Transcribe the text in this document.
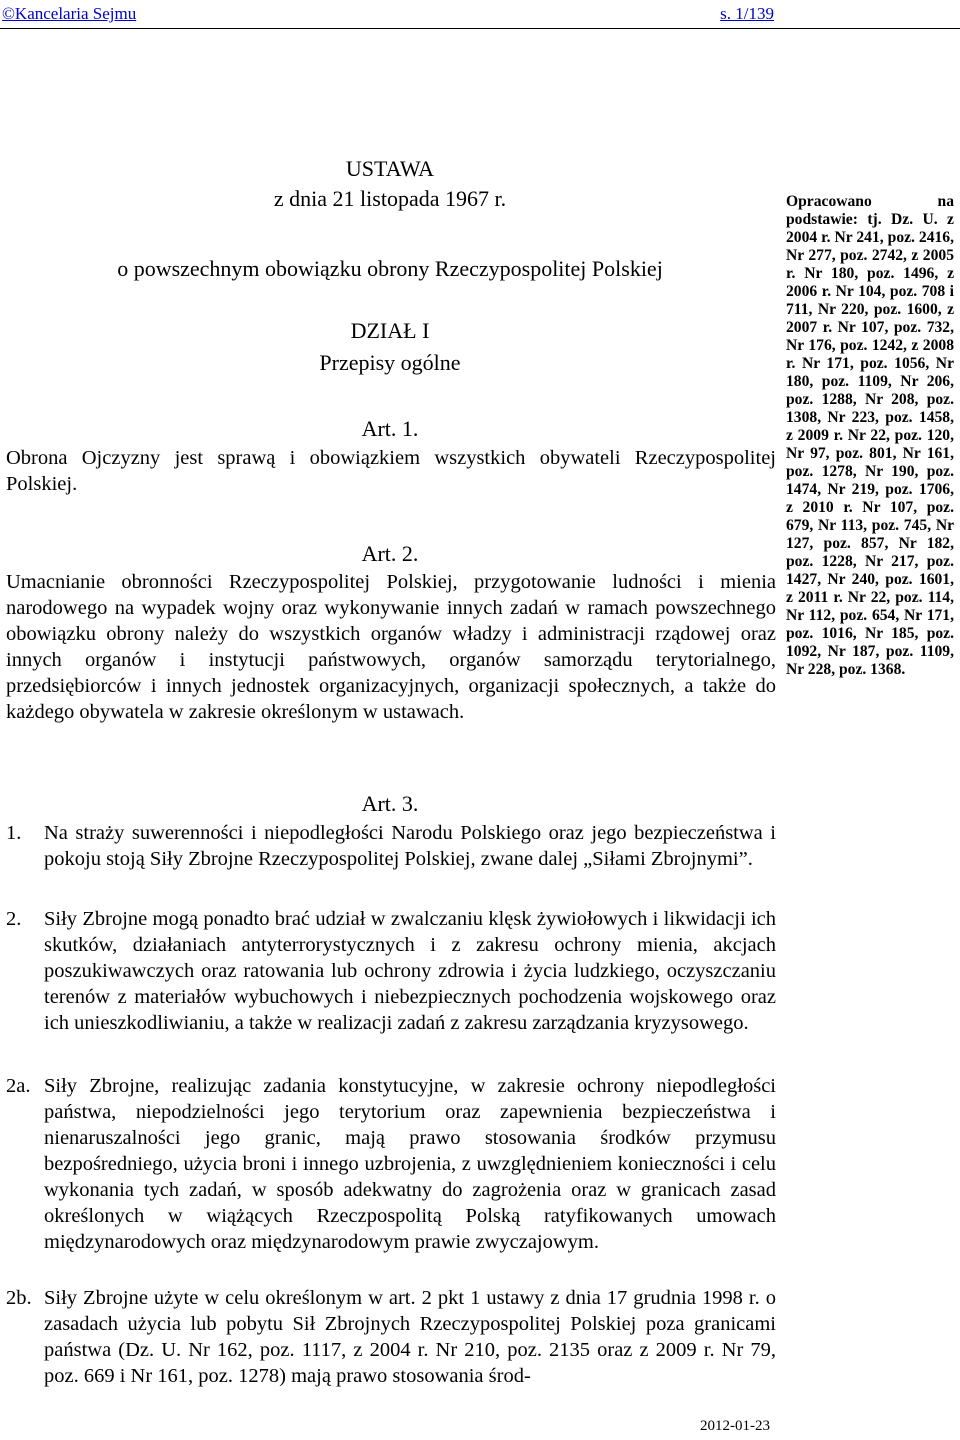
©Kancelaria Sejmu	s. 1/139
USTAWA
z dnia 21 listopada 1967 r.
o powszechnym obowiązku obrony Rzeczypospolitej Polskiej
DZIAŁ I
Przepisy ogólne
Art. 1.
Obrona Ojczyzny jest sprawą i obowiązkiem wszystkich obywateli Rzeczypospolitej Polskiej.
Art. 2.
Umacnianie obronności Rzeczypospolitej Polskiej, przygotowanie ludności i mienia narodowego na wypadek wojny oraz wykonywanie innych zadań w ramach powszechnego obowiązku obrony należy do wszystkich organów władzy i administracji rządowej oraz innych organów i instytucji państwowych, organów samorządu terytorialnego, przedsiębiorców i innych jednostek organizacyjnych, organizacji społecznych, a także do każdego obywatela w zakresie określonym w ustawach.
Art. 3.
1. Na straży suwerenności i niepodległości Narodu Polskiego oraz jego bezpieczeństwa i pokoju stoją Siły Zbrojne Rzeczypospolitej Polskiej, zwane dalej „Siłami Zbrojnymi”.
2. Siły Zbrojne mogą ponadto brać udział w zwalczaniu klęsk żywiołowych i likwidacji ich skutków, działaniach antyterrorystycznych i z zakresu ochrony mienia, akcjach poszukiwawczych oraz ratowania lub ochrony zdrowia i życia ludzkiego, oczyszczaniu terenów z materiałów wybuchowych i niebezpiecznych pochodzenia wojskowego oraz ich unieszkodliwianiu, a także w realizacji zadań z zakresu zarządzania kryzysowego.
2a. Siły Zbrojne, realizując zadania konstytucyjne, w zakresie ochrony niepodległości państwa, niepodzielności jego terytorium oraz zapewnienia bezpieczeństwa i nienaruszalności jego granic, mają prawo stosowania środków przymusu bezpośredniego, użycia broni i innego uzbrojenia, z uwzględnieniem konieczności i celu wykonania tych zadań, w sposób adekwatny do zagrożenia oraz w granicach zasad określonych w wiążących Rzeczpospolitą Polską ratyfikowanych umowach międzynarodowych oraz międzynarodowym prawie zwyczajowym.
2b. Siły Zbrojne użyte w celu określonym w art. 2 pkt 1 ustawy z dnia 17 grudnia 1998 r. o zasadach użycia lub pobytu Sił Zbrojnych Rzeczypospolitej Polskiej poza granicami państwa (Dz. U. Nr 162, poz. 1117, z 2004 r. Nr 210, poz. 2135 oraz z 2009 r. Nr 79, poz. 669 i Nr 161, poz. 1278) mają prawo stosowania środ-
Opracowano na podstawie: tj. Dz. U. z 2004 r. Nr 241, poz. 2416, Nr 277, poz. 2742, z 2005 r. Nr 180, poz. 1496, z 2006 r. Nr 104, poz. 708 i 711, Nr 220, poz. 1600, z 2007 r. Nr 107, poz. 732, Nr 176, poz. 1242, z 2008 r. Nr 171, poz. 1056, Nr 180, poz. 1109, Nr 206, poz. 1288, Nr 208, poz. 1308, Nr 223, poz. 1458, z 2009 r. Nr 22, poz. 120, Nr 97, poz. 801, Nr 161, poz. 1278, Nr 190, poz. 1474, Nr 219, poz. 1706, z 2010 r. Nr 107, poz. 679, Nr 113, poz. 745, Nr 127, poz. 857, Nr 182, poz. 1228, Nr 217, poz. 1427, Nr 240, poz. 1601, z 2011 r. Nr 22, poz. 114, Nr 112, poz. 654, Nr 171, poz. 1016, Nr 185, poz. 1092, Nr 187, poz. 1109, Nr 228, poz. 1368.
2012-01-23
